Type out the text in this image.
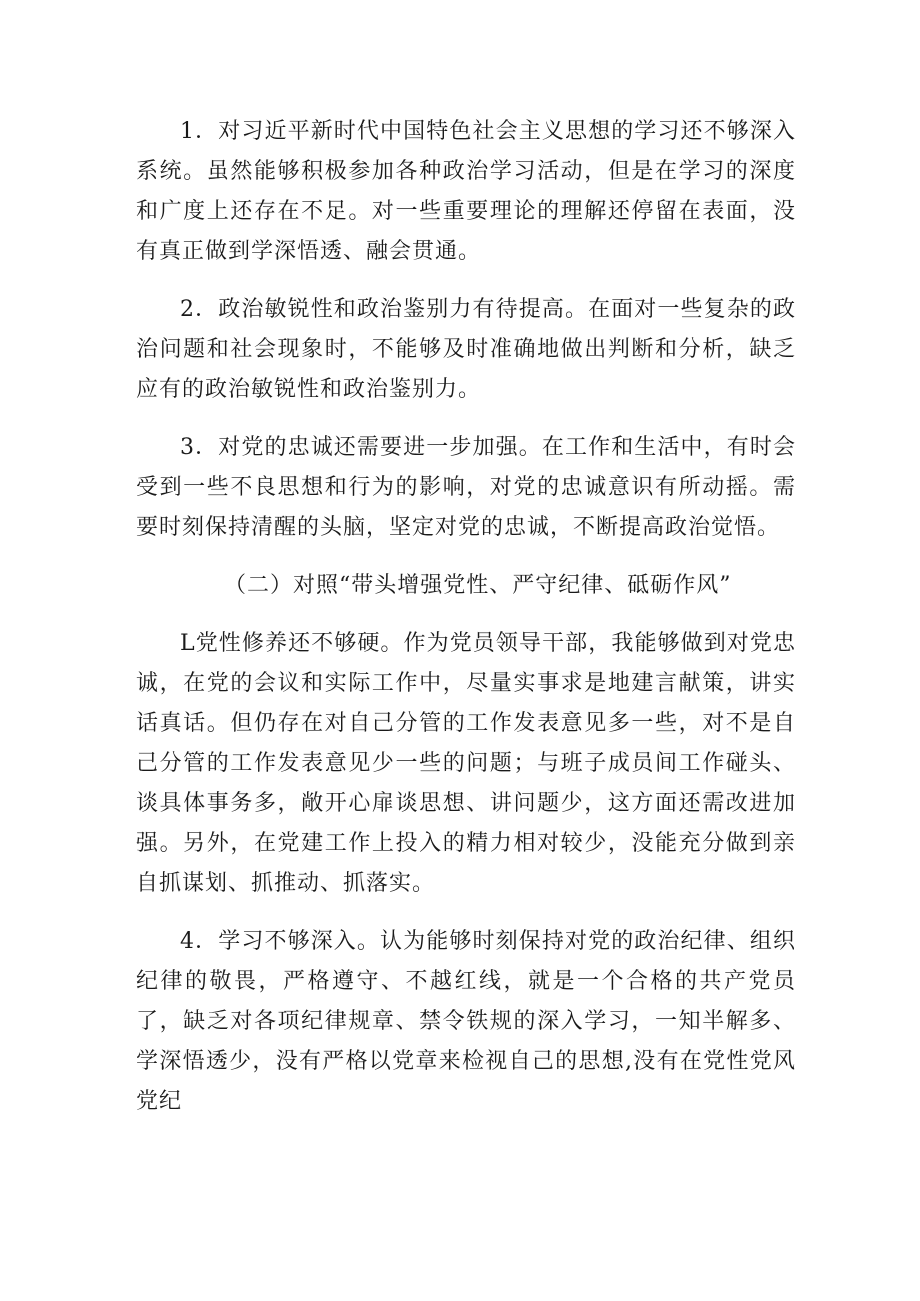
1．对习近平新时代中国特色社会主义思想的学习还不够深入系统。虽然能够积极参加各种政治学习活动，但是在学习的深度和广度上还存在不足。对一些重要理论的理解还停留在表面，没有真正做到学深悟透、融会贯通。

2．政治敏锐性和政治鉴别力有待提高。在面对一些复杂的政治问题和社会现象时，不能够及时准确地做出判断和分析，缺乏应有的政治敏锐性和政治鉴别力。

3．对党的忠诚还需要进一步加强。在工作和生活中，有时会受到一些不良思想和行为的影响，对党的忠诚意识有所动摇。需要时刻保持清醒的头脑，坚定对党的忠诚，不断提高政治觉悟。

（二）对照“带头增强党性、严守纪律、砥砺作风”

L党性修养还不够硬。作为党员领导干部，我能够做到对党忠诚，在党的会议和实际工作中，尽量实事求是地建言献策，讲实话真话。但仍存在对自己分管的工作发表意见多一些，对不是自己分管的工作发表意见少一些的问题；与班子成员间工作碰头、谈具体事务多，敞开心扉谈思想、讲问题少，这方面还需改进加强。另外，在党建工作上投入的精力相对较少，没能充分做到亲自抓谋划、抓推动、抓落实。

4．学习不够深入。认为能够时刻保持对党的政治纪律、组织纪律的敬畏，严格遵守、不越红线，就是一个合格的共产党员了，缺乏对各项纪律规章、禁令铁规的深入学习，一知半解多、学深悟透少，没有严格以党章来检视自己的思想,没有在党性党风党纪
